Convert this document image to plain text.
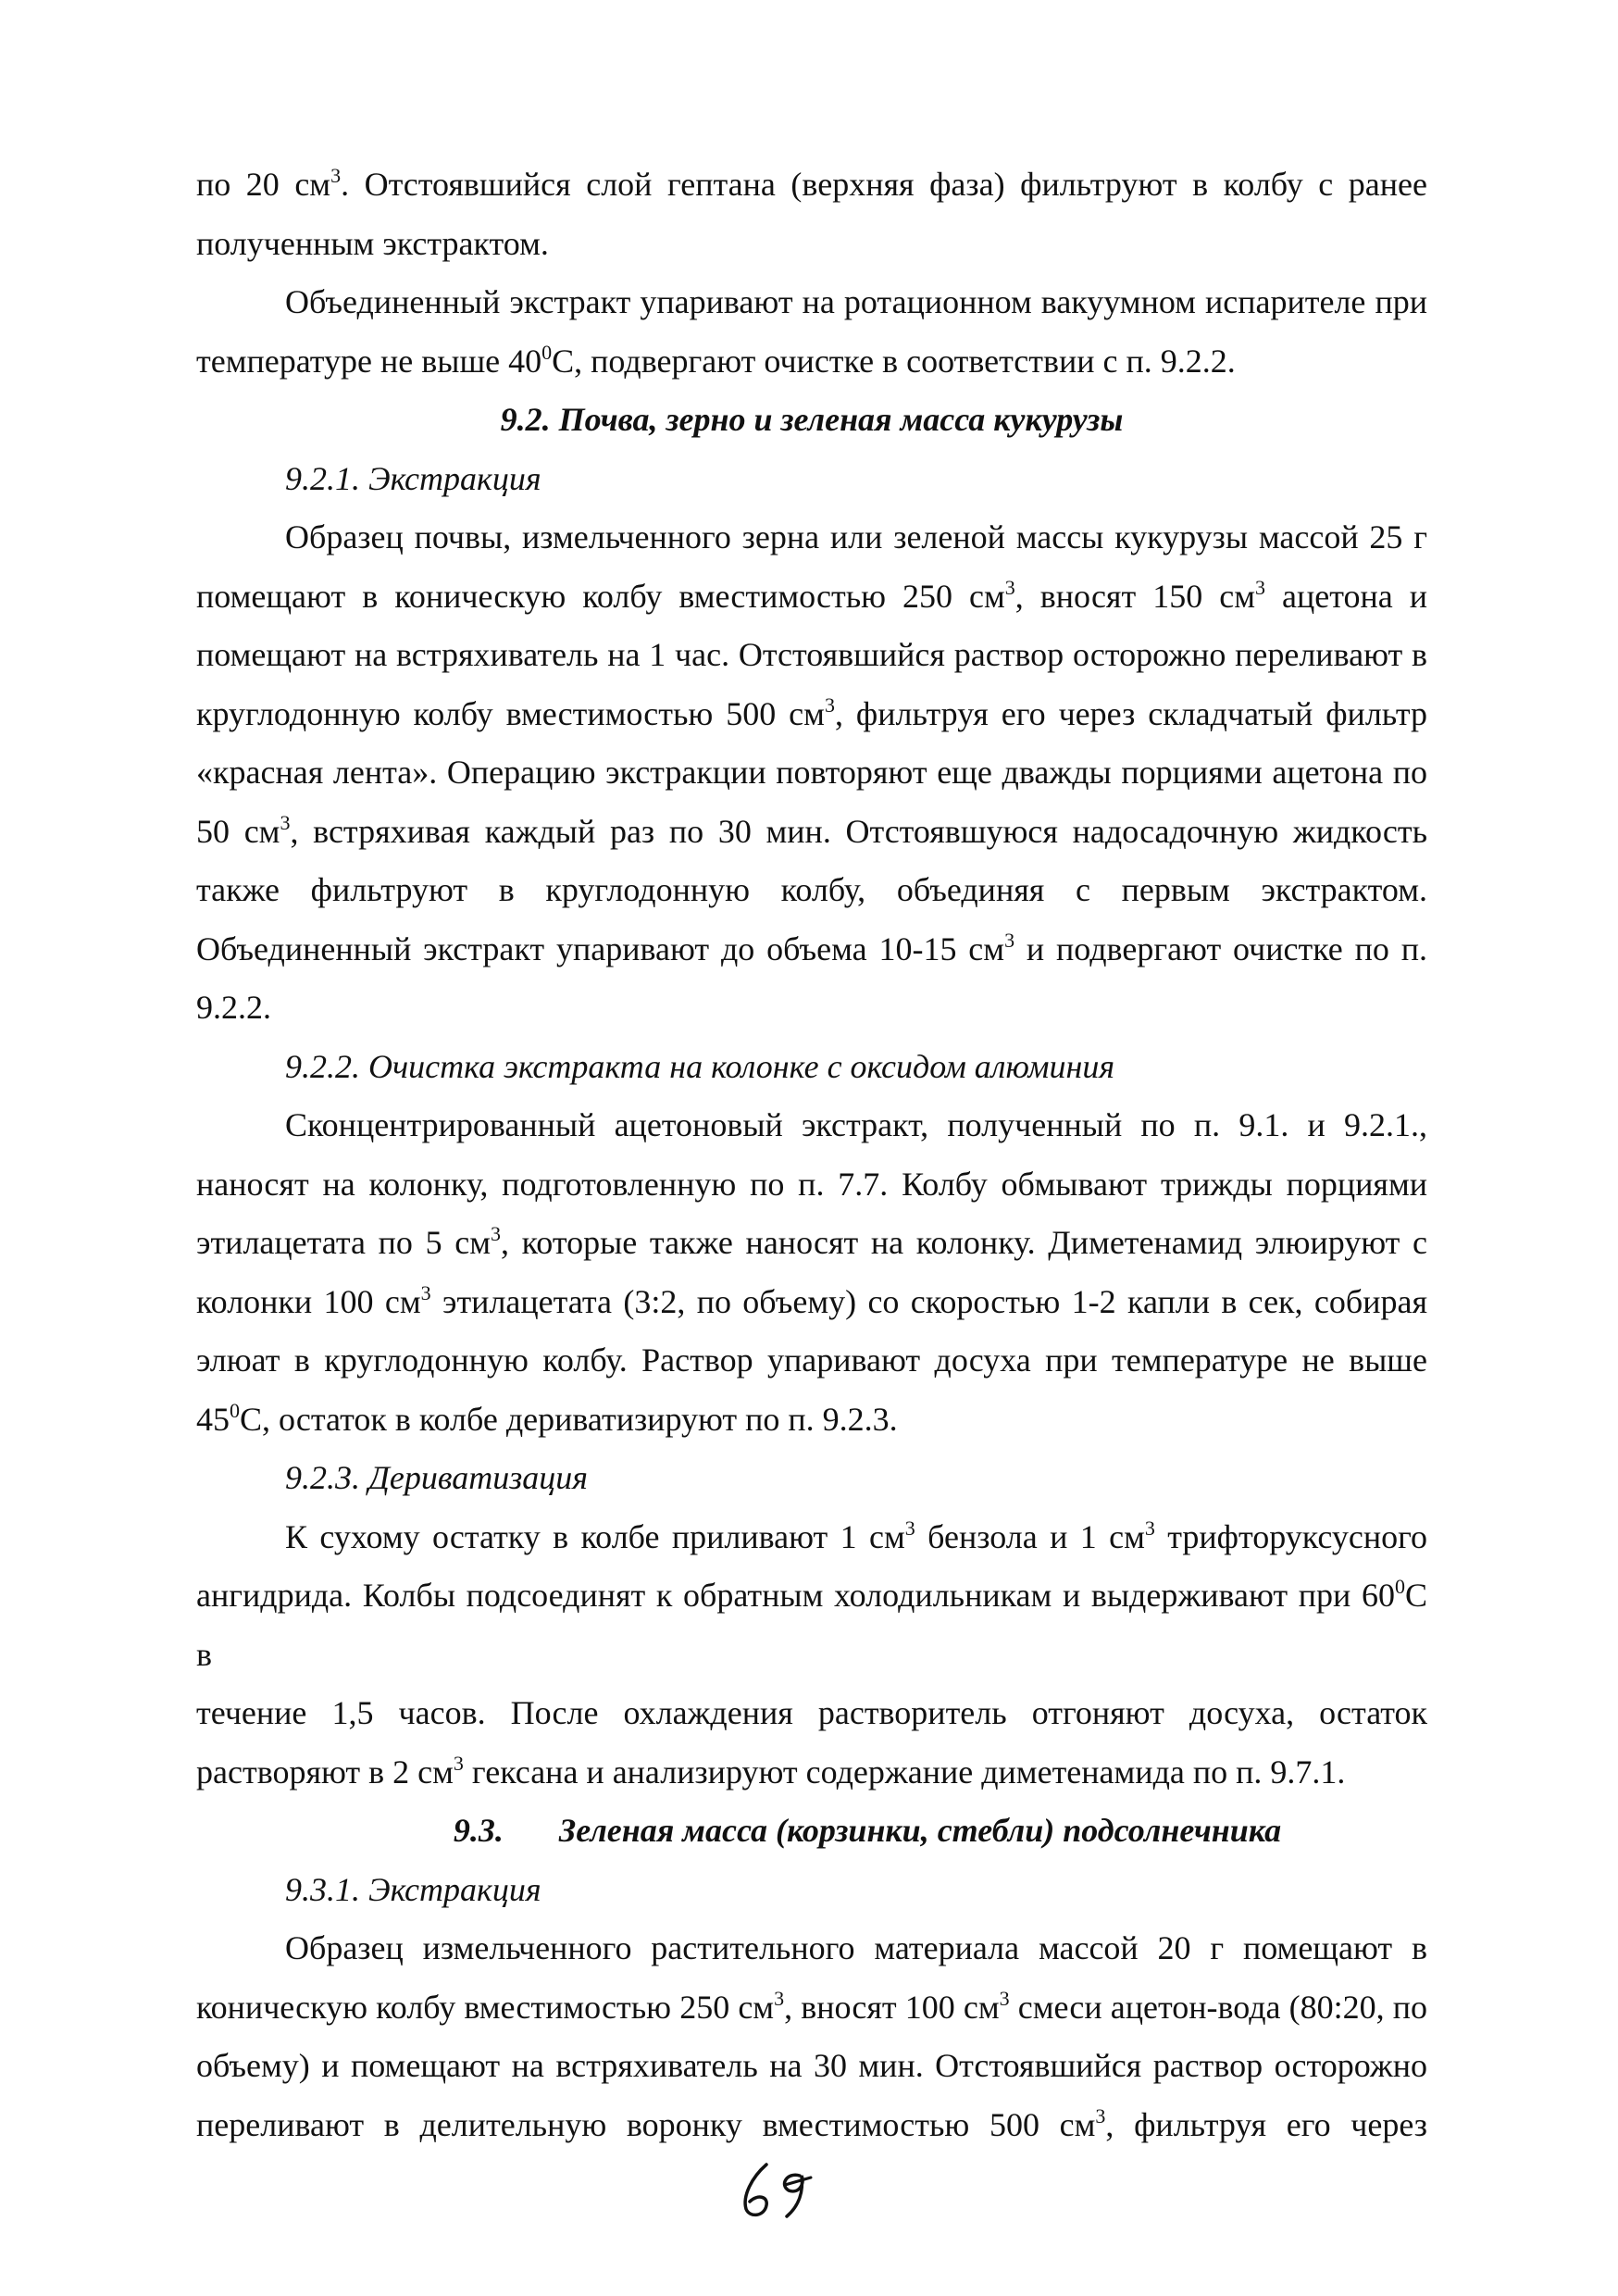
по 20 $см^3$. Отстоявшийся слой гептана (верхняя фаза) фильтруют в колбу с ранее

полученным экстрактом.

Объединенный экстракт упаривают на ротационном вакуумном испарителе при

температуре не выше $40^0С$, подвергают очистке в соответствии с п. 9.2.2.

9.2. Почва, зерно и зеленая масса кукурузы

9.2.1. Экстракция

Образец почвы, измельченного зерна или зеленой массы кукурузы массой 25 г

помещают в коническую колбу вместимостью 250 $см^3$, вносят 150 $см^3$ ацетона и

помещают на встряхиватель на 1 час. Отстоявшийся раствор осторожно переливают в

круглодонную колбу вместимостью 500 $см^3$, фильтруя его через складчатый фильтр

«красная лента». Операцию экстракции повторяют еще дважды порциями ацетона по

50 $см^3$, встряхивая каждый раз по 30 мин. Отстоявшуюся надосадочную жидкость

также фильтруют в круглодонную колбу, объединяя с первым экстрактом.

Объединенный экстракт упаривают до объема 10-15 $см^3$ и подвергают очистке по п.

9.2.2.

9.2.2. Очистка экстракта на колонке с оксидом алюминия

Сконцентрированный ацетоновый экстракт, полученный по п. 9.1. и 9.2.1.,

наносят на колонку, подготовленную по п. 7.7. Колбу обмывают трижды порциями

этилацетата по 5 $см^3$, которые также наносят на колонку. Диметенамид элюируют с

колонки 100 $см^3$ этилацетата (3:2, по объему) со скоростью 1-2 капли в сек, собирая

элюат в круглодонную колбу. Раствор упаривают досуха при температуре не выше

$45^0С$, остаток в колбе дериватизируют по п. 9.2.3.

9.2.3. Дериватизация

К сухому остатку в колбе приливают 1 $см^3$ бензола и 1 $см^3$ трифторуксусного

ангидрида. Колбы подсоединят к обратным холодильникам и выдерживают при $60^0С$ в

течение 1,5 часов. После охлаждения растворитель отгоняют досуха, остаток

растворяют в 2 $см^3$ гексана и анализируют содержание диметенамида по п. 9.7.1.

9.3. Зеленая масса (корзинки, стебли) подсолнечника

9.3.1. Экстракция

Образец измельченного растительного материала массой 20 г помещают в

коническую колбу вместимостью 250 $см^3$, вносят 100 $см^3$ смеси ацетон-вода (80:20, по

объему) и помещают на встряхиватель на 30 мин. Отстоявшийся раствор осторожно

переливают в делительную воронку вместимостью 500 $см^3$, фильтруя его через
